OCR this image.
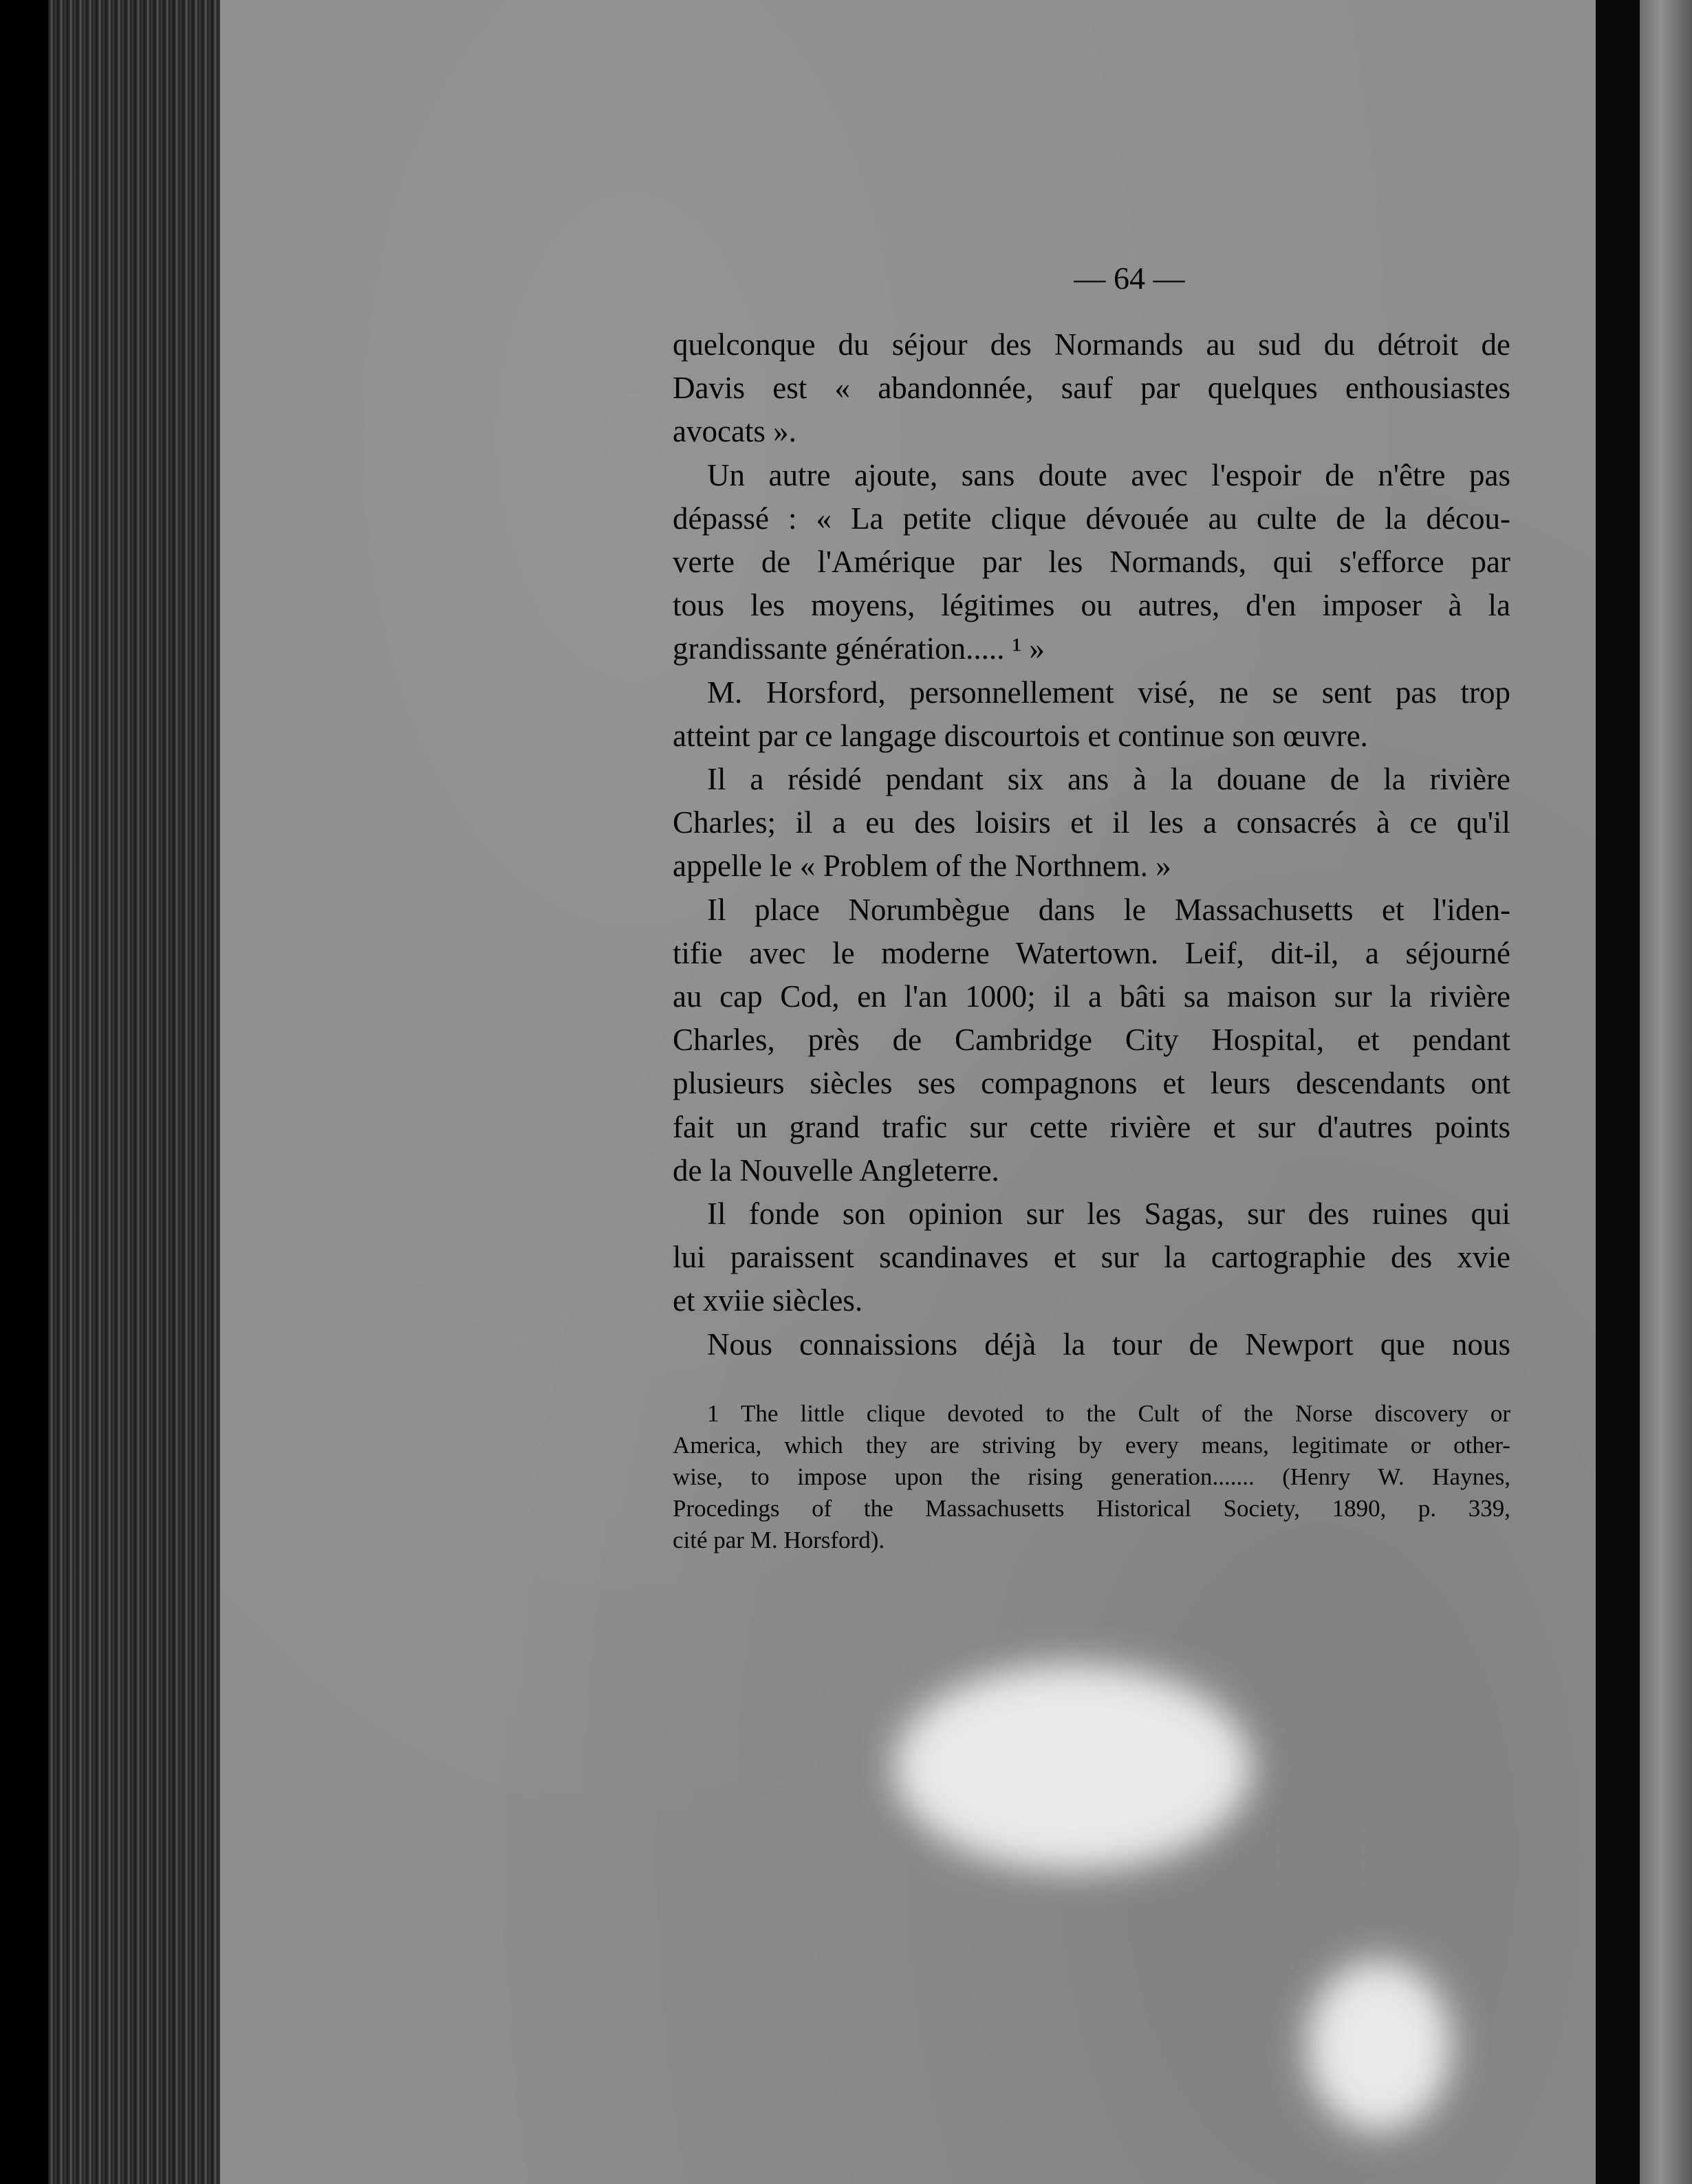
— 64 —

quelconque du séjour des Normands au sud du détroit de

Davis est « abandonnée, sauf par quelques enthousiastes

avocats ».

Un autre ajoute, sans doute avec l'espoir de n'être pas

dépassé : « La petite clique dévouée au culte de la décou-

verte de l'Amérique par les Normands, qui s'efforce par

tous les moyens, légitimes ou autres, d'en imposer à la

grandissante génération..... ¹ »

M. Horsford, personnellement visé, ne se sent pas trop

atteint par ce langage discourtois et continue son œuvre.

Il a résidé pendant six ans à la douane de la rivière

Charles; il a eu des loisirs et il les a consacrés à ce qu'il

appelle le « Problem of the Northnem. »

Il place Norumbègue dans le Massachusetts et l'iden-

tifie avec le moderne Watertown. Leif, dit-il, a séjourné

au cap Cod, en l'an 1000; il a bâti sa maison sur la rivière

Charles, près de Cambridge City Hospital, et pendant

plusieurs siècles ses compagnons et leurs descendants ont

fait un grand trafic sur cette rivière et sur d'autres points

de la Nouvelle Angleterre.

Il fonde son opinion sur les Sagas, sur des ruines qui

lui paraissent scandinaves et sur la cartographie des xvie

et xviie siècles.

Nous connaissions déjà la tour de Newport que nous

1 The little clique devoted to the Cult of the Norse discovery or

America, which they are striving by every means, legitimate or other-

wise, to impose upon the rising generation....... (Henry W. Haynes,

Procedings of the Massachusetts Historical Society, 1890, p. 339,

cité par M. Horsford).
